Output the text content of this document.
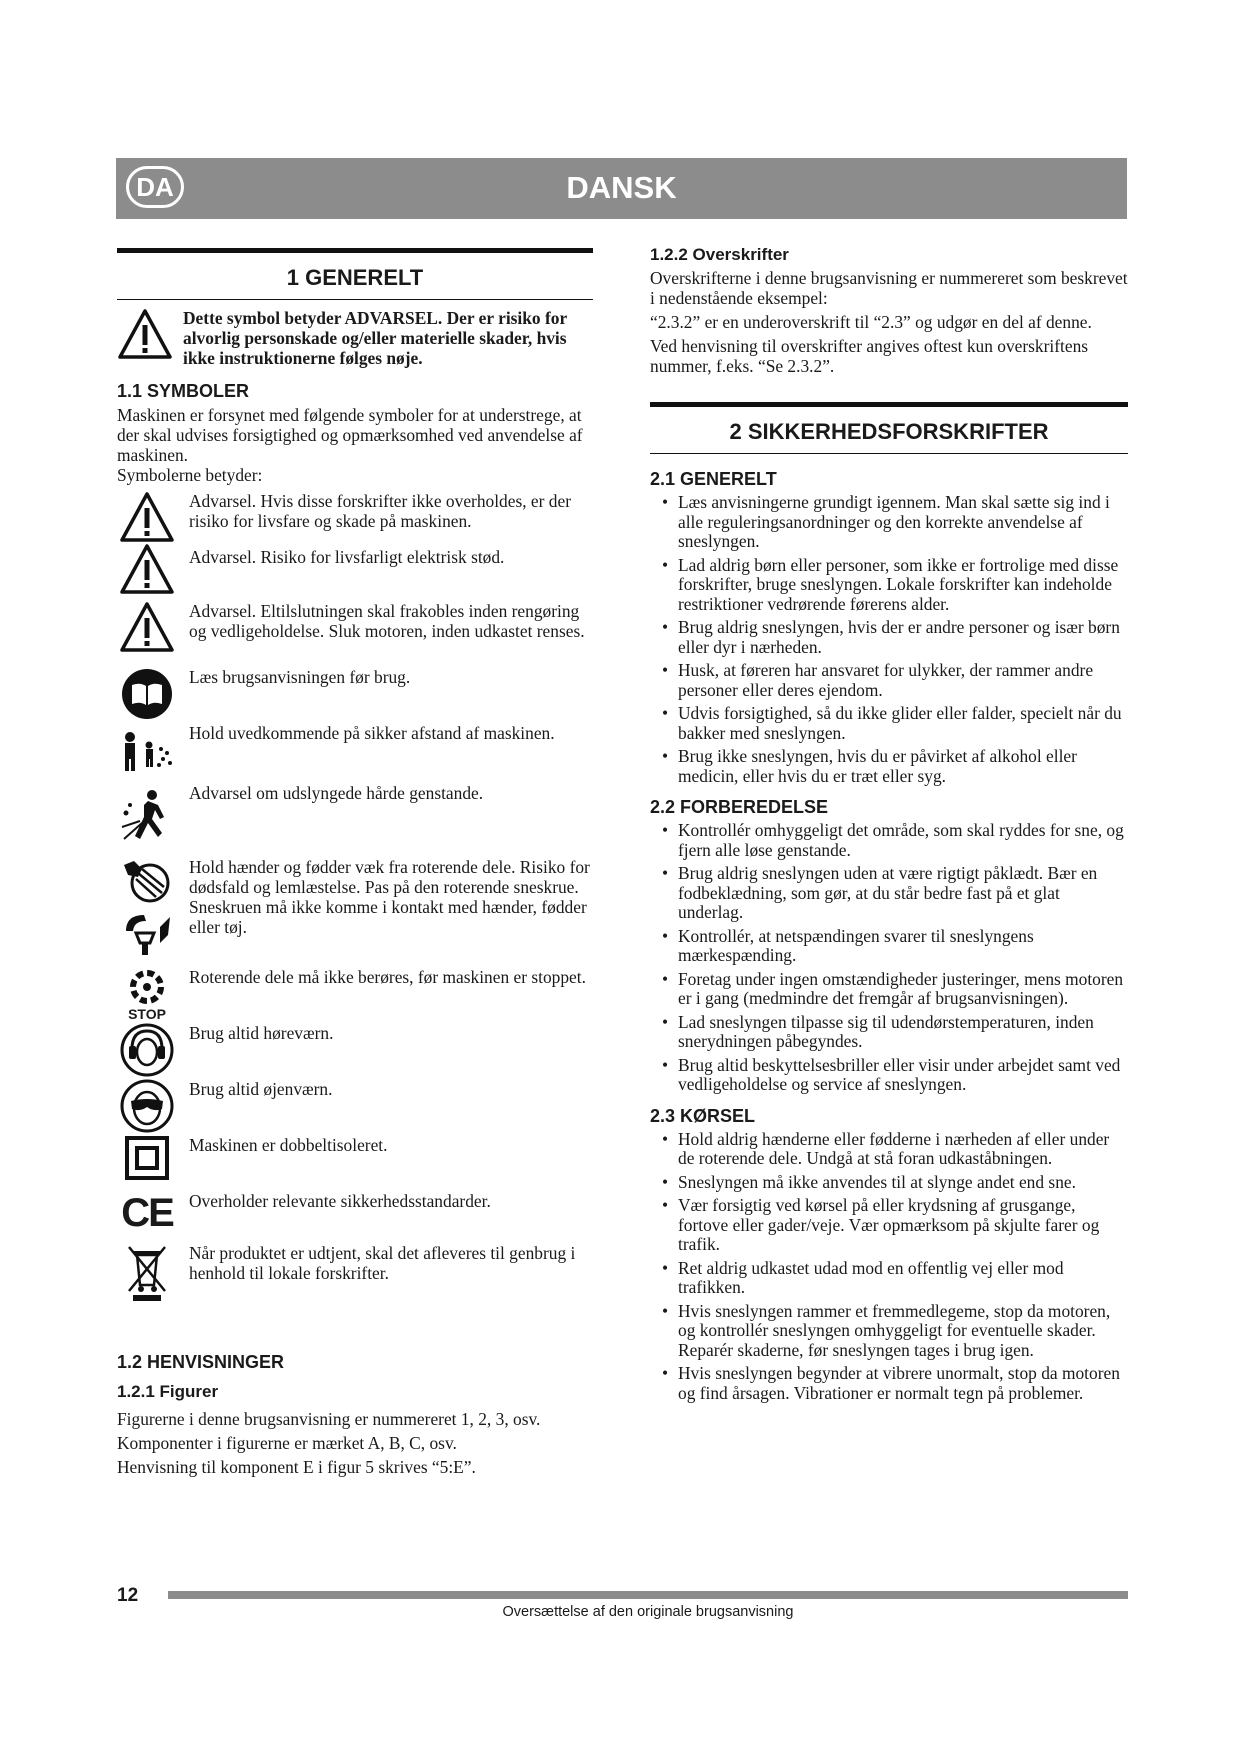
DA	DANSK
1 GENERELT
Dette symbol betyder ADVARSEL. Der er risiko for alvorlig personskade og/eller materielle skader, hvis ikke instruktionerne følges nøje.
1.1 SYMBOLER

Maskinen er forsynet med følgende symboler for at understrege, at der skal udvises forsigtighed og opmærksomhed ved anvendelse af maskinen.

Symbolerne betyder:

Advarsel. Hvis disse forskrifter ikke overholdes, er der risiko for livsfare og skade på maskinen.
Advarsel. Risiko for livsfarligt elektrisk stød.
Advarsel. Eltilslutningen skal frakobles inden rengøring og vedligeholdelse. Sluk motoren, inden udkastet renses.
Læs brugsanvisningen før brug.
Hold uvedkommende på sikker afstand af maskinen.
Advarsel om udslyngede hårde genstande.
Hold hænder og fødder væk fra roterende dele. Risiko for dødsfald og lemlæstelse. Pas på den roterende sneskrue. Sneskruen må ikke komme i kontakt med hænder, fødder eller tøj.
STOP
Roterende dele må ikke berøres, før maskinen er stoppet.
Brug altid høreværn.
Brug altid øjenværn.
Maskinen er dobbeltisoleret.
CE Overholder relevante sikkerhedsstandarder.
Når produktet er udtjent, skal det afleveres til genbrug i henhold til lokale forskrifter.
1.2 HENVISNINGER
1.2.1 Figurer

Figurerne i denne brugsanvisning er nummereret 1, 2, 3, osv.

Komponenter i figurerne er mærket A, B, C, osv.

Henvisning til komponent E i figur 5 skrives “5:E”.

1.2.2 Overskrifter

Overskrifterne i denne brugsanvisning er nummereret som beskrevet i nedenstående eksempel:

“2.3.2” er en underoverskrift til “2.3” og udgør en del af denne.

Ved henvisning til overskrifter angives oftest kun overskriftens nummer, f.eks. “Se 2.3.2”.

2 SIKKERHEDSFORSKRIFTER
2.1 GENERELT
• Læs anvisningerne grundigt igennem. Man skal sætte sig ind i alle reguleringsanordninger og den korrekte anvendelse af sneslyngen.
• Lad aldrig børn eller personer, som ikke er fortrolige med disse forskrifter, bruge sneslyngen. Lokale forskrifter kan indeholde restriktioner vedrørende førerens alder.
• Brug aldrig sneslyngen, hvis der er andre personer og især børn eller dyr i nærheden.
• Husk, at føreren har ansvaret for ulykker, der rammer andre personer eller deres ejendom.
• Udvis forsigtighed, så du ikke glider eller falder, specielt når du bakker med sneslyngen.
• Brug ikke sneslyngen, hvis du er påvirket af alkohol eller medicin, eller hvis du er træt eller syg.
2.2 FORBEREDELSE
• Kontrollér omhyggeligt det område, som skal ryddes for sne, og fjern alle løse genstande.
• Brug aldrig sneslyngen uden at være rigtigt påklædt. Bær en fodbeklædning, som gør, at du står bedre fast på et glat underlag.
• Kontrollér, at netspændingen svarer til sneslyngens mærkespænding.
• Foretag under ingen omstændigheder justeringer, mens motoren er i gang (medmindre det fremgår af brugsanvisningen).
• Lad sneslyngen tilpasse sig til udendørstemperaturen, inden snerydningen påbegyndes.
• Brug altid beskyttelsesbriller eller visir under arbejdet samt ved vedligeholdelse og service af sneslyngen.
2.3 KØRSEL
• Hold aldrig hænderne eller fødderne i nærheden af eller under de roterende dele. Undgå at stå foran udkaståbningen.
• Sneslyngen må ikke anvendes til at slynge andet end sne.
• Vær forsigtig ved kørsel på eller krydsning af grusgange, fortove eller gader/veje. Vær opmærksom på skjulte farer og trafik.
• Ret aldrig udkastet udad mod en offentlig vej eller mod trafikken.
• Hvis sneslyngen rammer et fremmedlegeme, stop da motoren, og kontrollér sneslyngen omhyggeligt for eventuelle skader. Reparér skaderne, før sneslyngen tages i brug igen.
• Hvis sneslyngen begynder at vibrere unormalt, stop da motoren og find årsagen. Vibrationer er normalt tegn på problemer.
12
Oversættelse af den originale brugsanvisning
